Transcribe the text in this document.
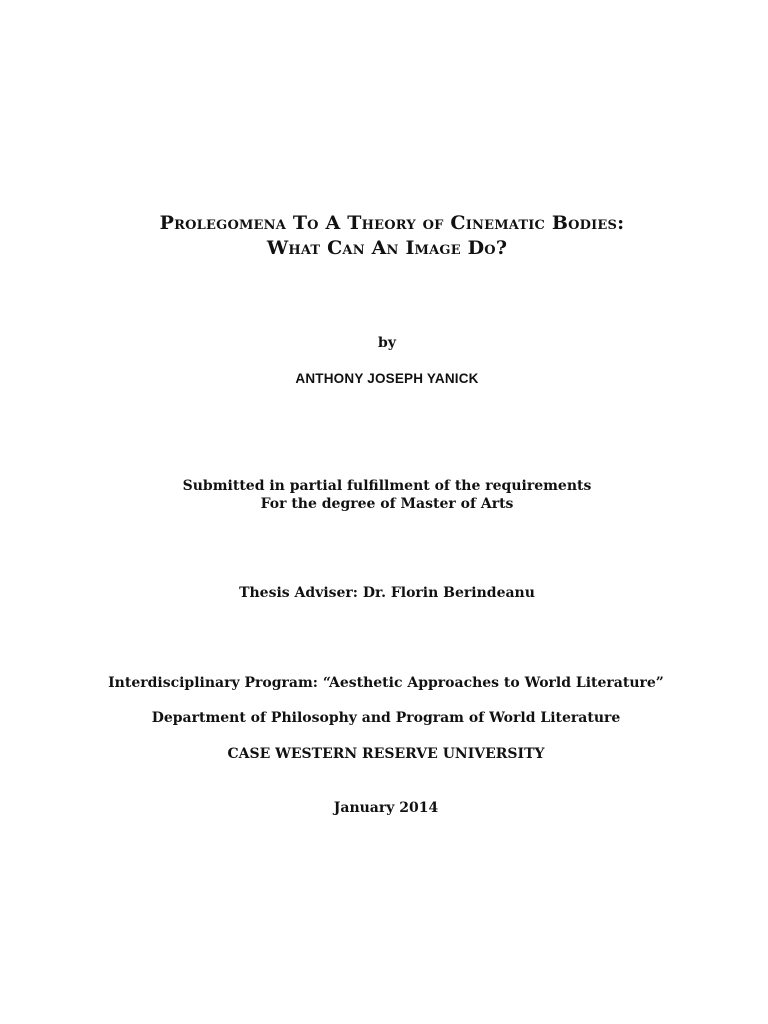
Prolegomena To A Theory of Cinematic Bodies:
What Can An Image Do?
by
ANTHONY JOSEPH YANICK
Submitted in partial fulfillment of the requirements
For the degree of Master of Arts
Thesis Adviser: Dr. Florin Berindeanu
Interdisciplinary Program: “Aesthetic Approaches to World Literature”
Department of Philosophy and Program of World Literature
CASE WESTERN RESERVE UNIVERSITY
January 2014
